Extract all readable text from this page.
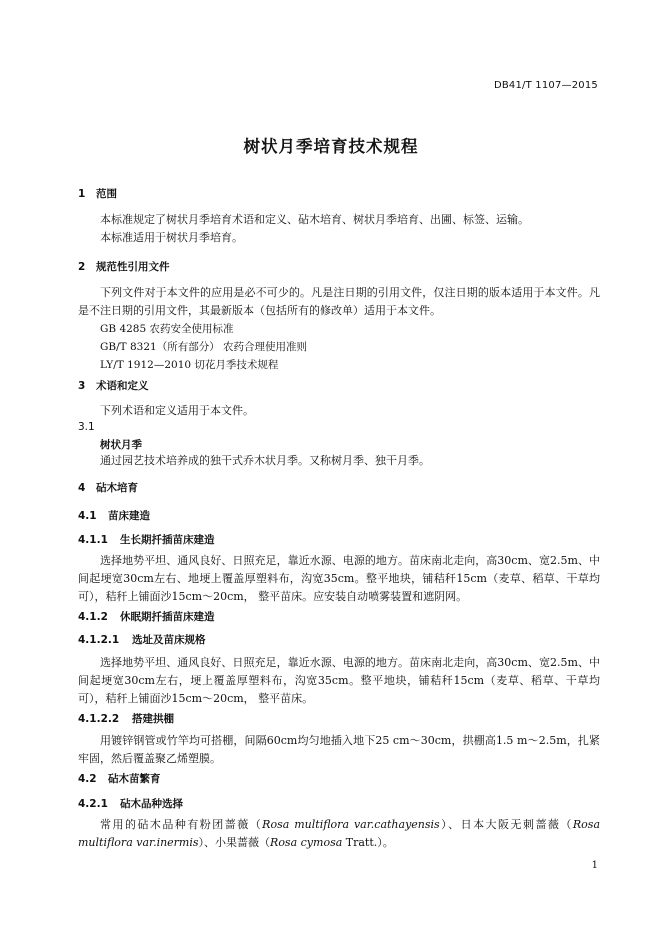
DB41/T 1107—2015
树状月季培育技术规程
1 范围

本标准规定了树状月季培育术语和定义、砧木培育、树状月季培育、出圃、标签、运输。

本标准适用于树状月季培育。

2 规范性引用文件

下列文件对于本文件的应用是必不可少的。凡是注日期的引用文件，仅注日期的版本适用于本文件。凡是不注日期的引用文件，其最新版本（包括所有的修改单）适用于本文件。

GB 4285 农药安全使用标准
GB/T 8321（所有部分） 农药合理使用准则
LY/T 1912—2010 切花月季技术规程
3 术语和定义

下列术语和定义适用于本文件。

3.1
树状月季
通过园艺技术培养成的独干式乔木状月季。又称树月季、独干月季。
4 砧木培育
4.1 苗床建造
4.1.1 生长期扦插苗床建造

选择地势平坦、通风良好、日照充足，靠近水源、电源的地方。苗床南北走向，高30cm、宽2.5m、中间起埂宽30cm左右、地埂上覆盖厚塑料布，沟宽35cm。整平地块，铺秸秆15cm（麦草、稻草、干草均可），秸秆上铺面沙15cm～20cm， 整平苗床。应安装自动喷雾装置和遮阴网。

4.1.2 休眠期扦插苗床建造
4.1.2.1 选址及苗床规格

选择地势平坦、通风良好、日照充足，靠近水源、电源的地方。苗床南北走向，高30cm、宽2.5m、中间起埂宽30cm左右，埂上覆盖厚塑料布，沟宽35cm。整平地块，铺秸秆15cm（麦草、稻草、干草均可），秸秆上铺面沙15cm～20cm， 整平苗床。

4.1.2.2 搭建拱棚

用镀锌钢管或竹竿均可搭棚，间隔60cm均匀地插入地下25 cm～30cm，拱棚高1.5 m～2.5m，扎紧牢固，然后覆盖聚乙烯塑膜。

4.2 砧木苗繁育
4.2.1 砧木品种选择

常用的砧木品种有粉团蔷薇（Rosa multiflora var.cathayensis）、日本大阪无刺蔷薇（Rosa multiflora var.inermis）、小果蔷薇（Rosa cymosa Tratt.）。

1
